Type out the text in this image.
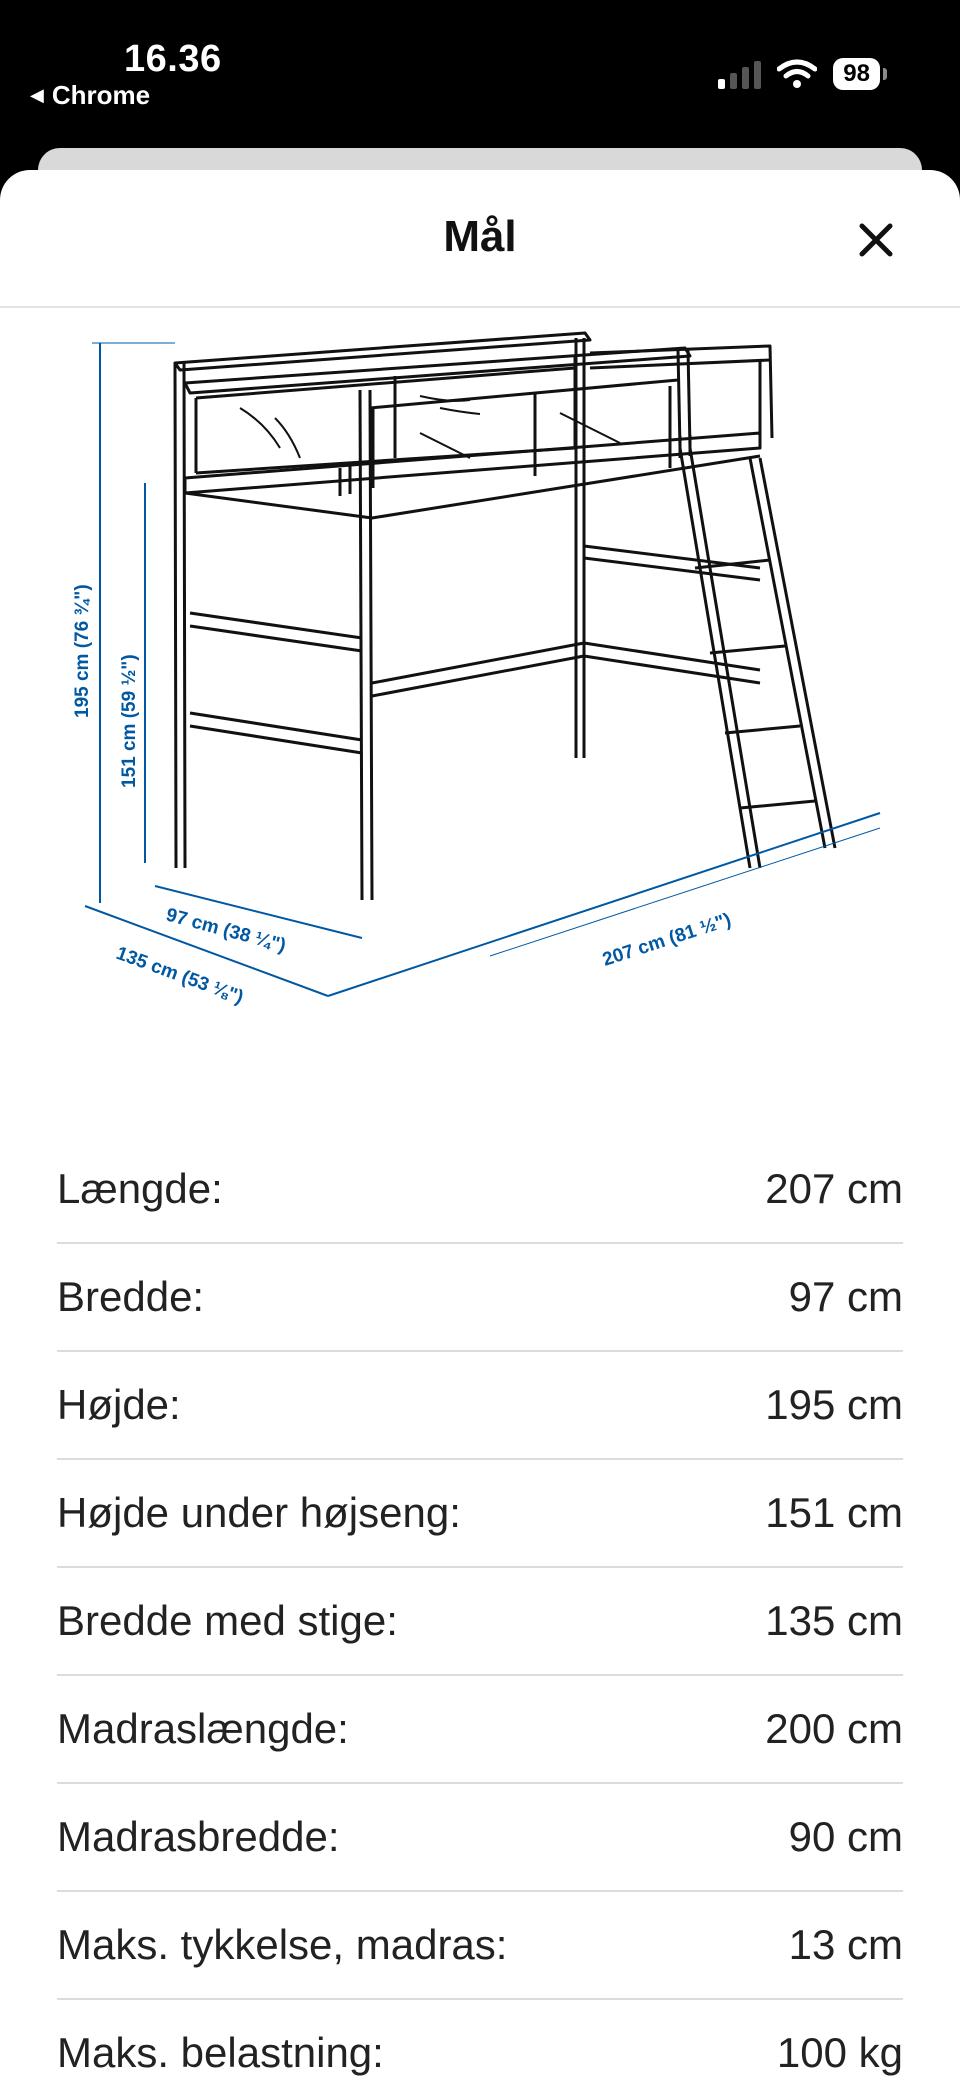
16.36
◀ Chrome
98
Mål
195 cm (76 ¾")
151 cm (59 ½")
97 cm (38 ¼")
135 cm (53 ⅛")
207 cm (81 ½")
Længde:	207 cm
Bredde:	97 cm
Højde:	195 cm
Højde under højseng:	151 cm
Bredde med stige:	135 cm
Madraslængde:	200 cm
Madrasbredde:	90 cm
Maks. tykkelse, madras:	13 cm
Maks. belastning:	100 kg
